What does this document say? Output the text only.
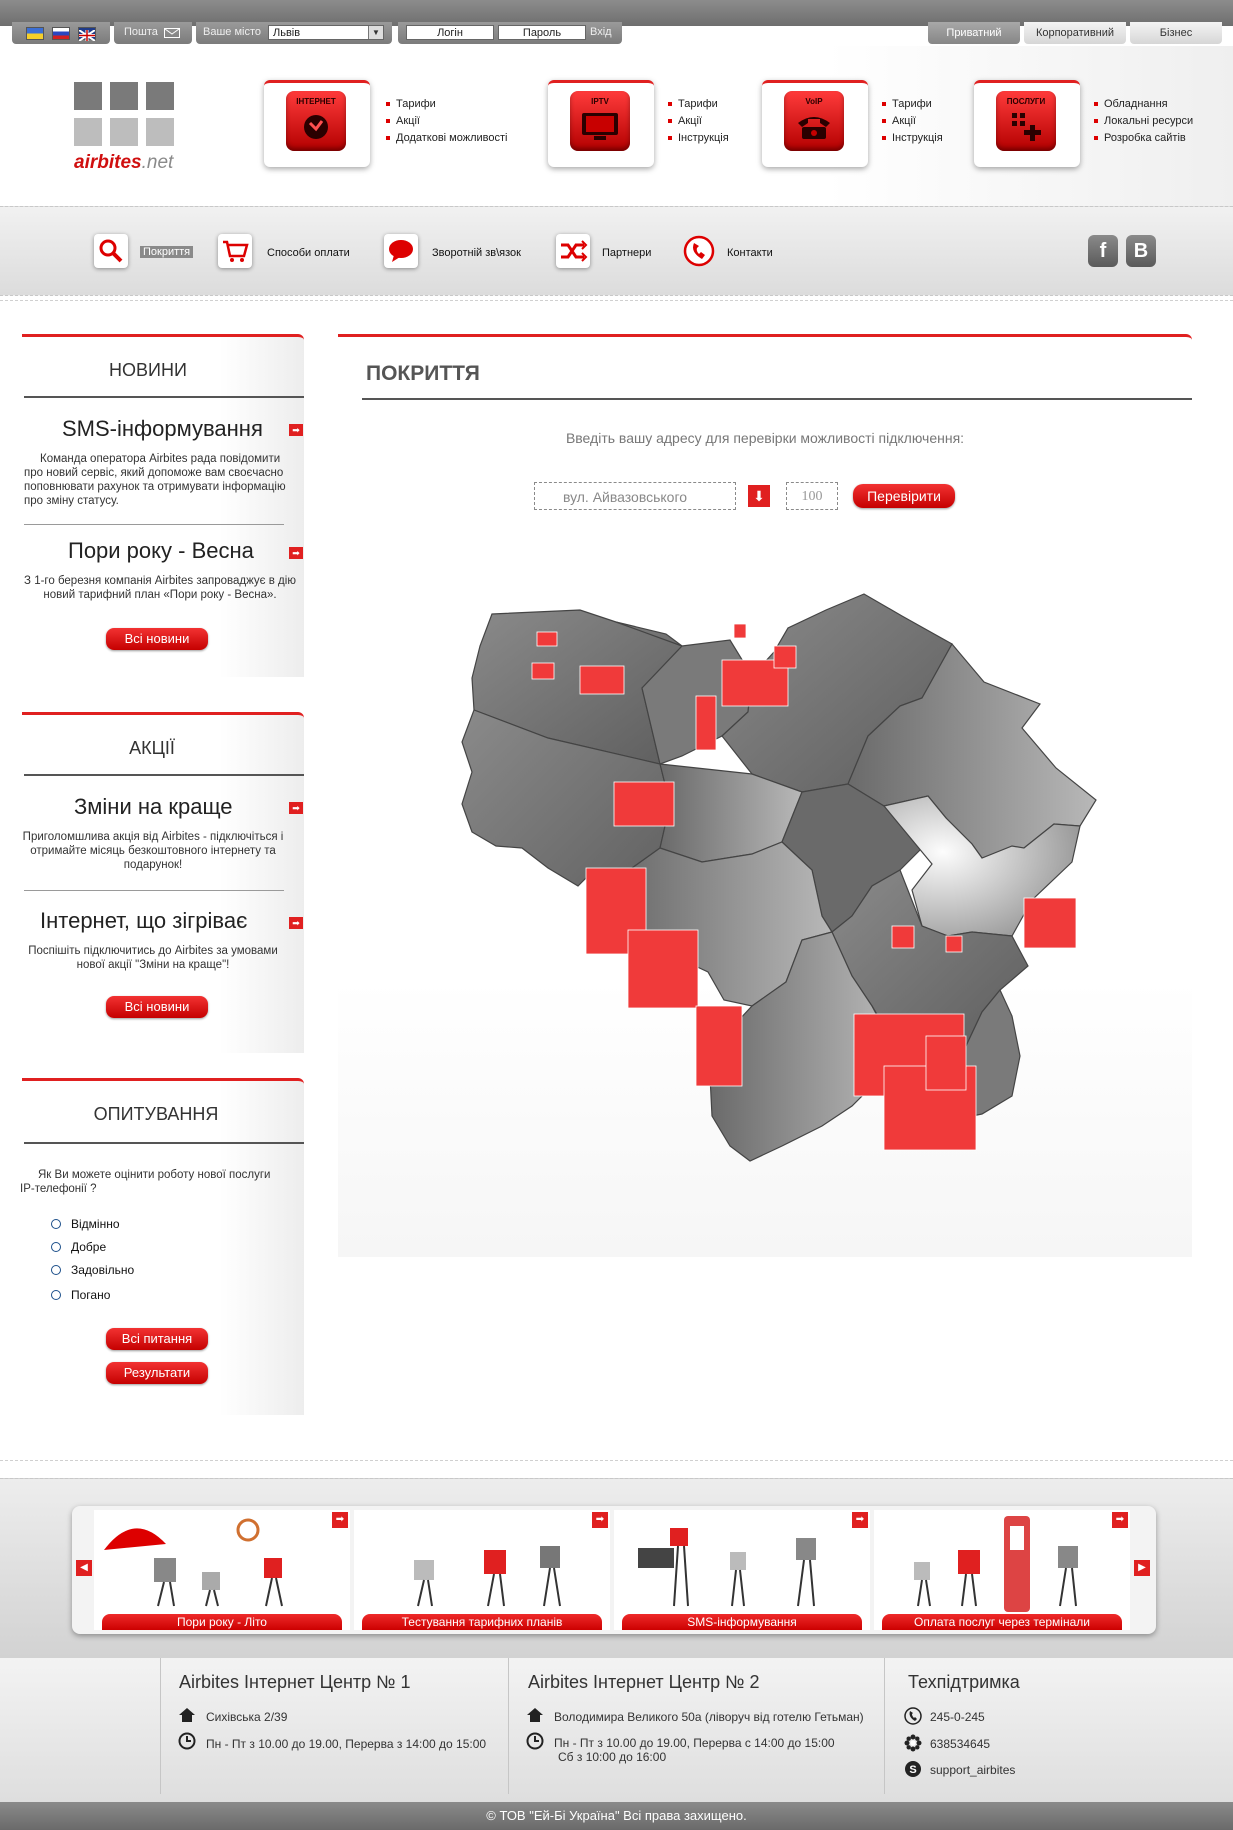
Пошта	Ваше місто	Львів	▼	Логін	Пароль	Вхід	Приватний	Корпоративний	Бізнес
airbites.net
ІНТЕРНЕТ	Тарифи
Акції
Додаткові можливості
IPTV	Тарифи
Акції
Інструкція
VoIP	Тарифи
Акції
Інструкція
ПОСЛУГИ	Обладнання
Локальні ресурси
Розробка сайтів
Покриття	Способи оплати	Зворотній зв\язок	Партнери	Контакти	f	B
НОВИНИ
SMS-інформування	➡
Команда оператора Airbites рада повідомити про новий сервіс, який допоможе вам своєчасно поповнювати рахунок та отримувати інформацію про зміну статусу.
Пори року - Весна	➡
З 1-го березня компанія Airbites запроваджує в дію новий тарифний план «Пори року - Весна».
Всі новини
АКЦІЇ
Зміни на краще	➡
Приголомшлива акція від Airbites - підключіться і отримайте місяць безкоштовного інтернету та подарунок!
Інтернет, що зігріває	➡
Поспішіть підключитись до Airbites за умовами нової акції "Зміни на краще"!
Всі новини
ОПИТУВАННЯ
Як Ви можете оцінити роботу нової послуги IP-телефонії ?
Відмінно
Добре
Задовільно
Погано
Всі питання
Результати
ПОКРИТТЯ
Введіть вашу адресу для перевірки можливості підключення:
вул. Айвазовського	⬇	100	Перевірити
◀	▶
➡
Пори року - Літо
➡
Тестування тарифних планів
➡
SMS-інформування
➡
Оплата послуг через термінали
Airbites Інтернет Центр № 1
Сихівська 2/39
Пн - Пт з 10.00 до 19.00, Перерва з 14:00 до 15:00
Airbites Інтернет Центр № 2
Володимира Великого 50а (ліворуч від готелю Гетьман)
Пн - Пт з 10.00 до 19.00, Перерва с 14:00 до 15:00
Сб з 10:00 до 16:00
Техпідтримка
245-0-245
638534645
S support_airbites
© ТОВ "Ей-Бі Україна" Всі права захищено.
